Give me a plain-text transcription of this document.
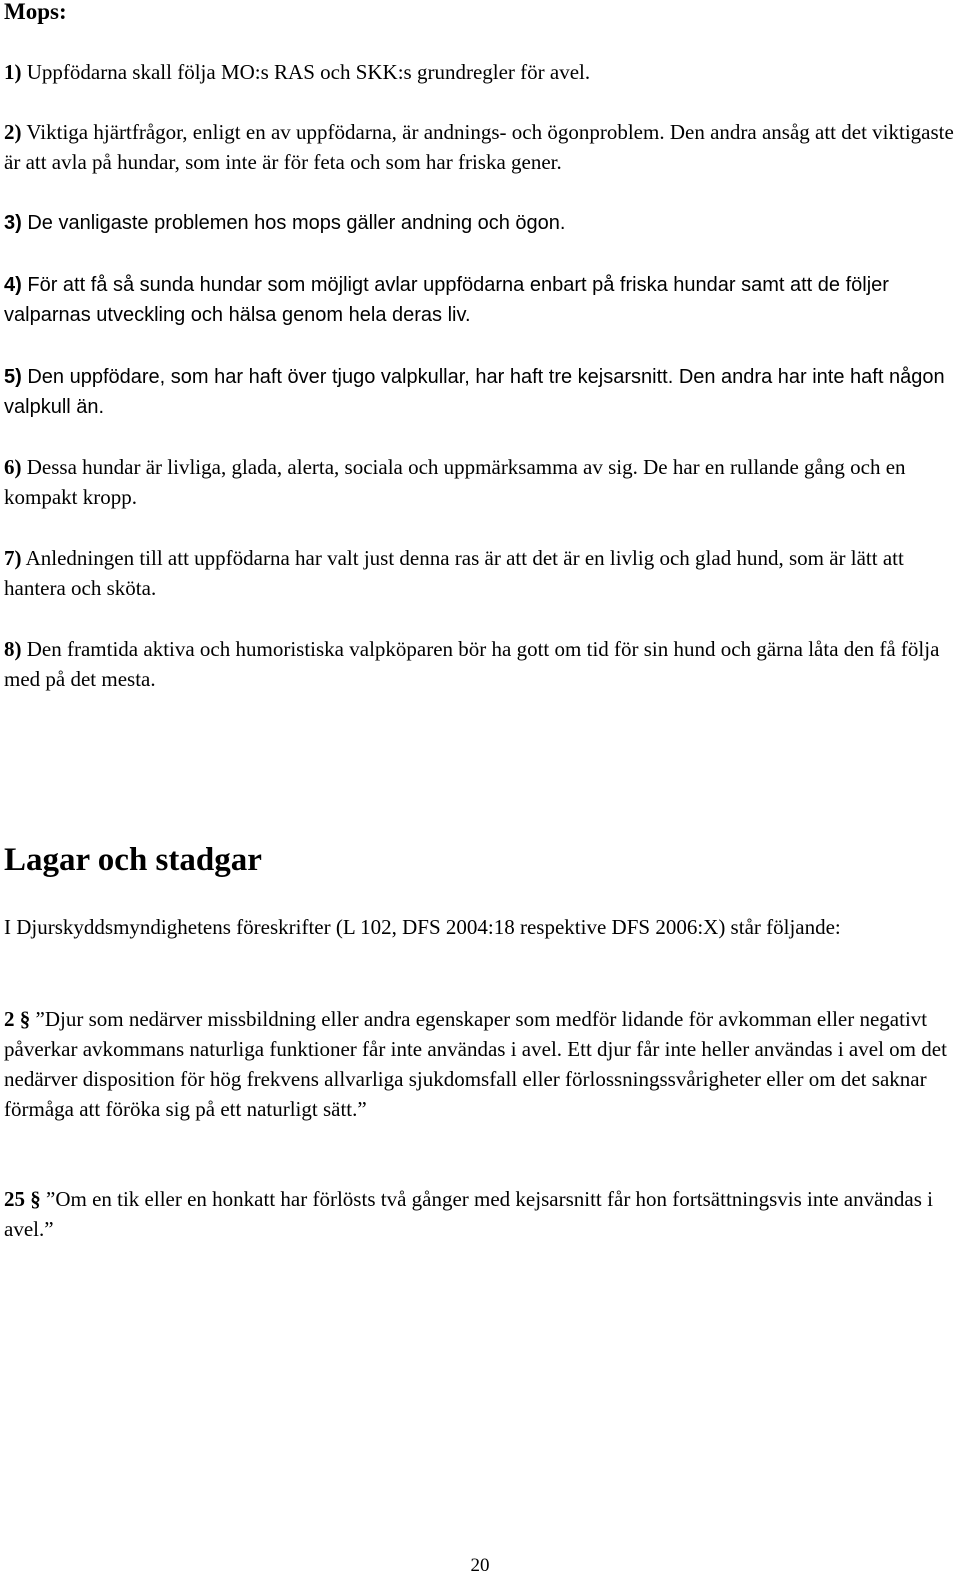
Mops:

1) Uppfödarna skall följa MO:s RAS och SKK:s grundregler för avel.

2) Viktiga hjärtfrågor, enligt en av uppfödarna, är andnings- och ögonproblem. Den andra ansåg att det viktigaste är att avla på hundar, som inte är för feta och som har friska gener.

3) De vanligaste problemen hos mops gäller andning och ögon.

4) För att få så sunda hundar som möjligt avlar uppfödarna enbart på friska hundar samt att de följer valparnas utveckling och hälsa genom hela deras liv.

5) Den uppfödare, som har haft över tjugo valpkullar, har haft tre kejsarsnitt. Den andra har inte haft någon valpkull än.

6) Dessa hundar är livliga, glada, alerta, sociala och uppmärksamma av sig. De har en rullande gång och en kompakt kropp.

7) Anledningen till att uppfödarna har valt just denna ras är att det är en livlig och glad hund, som är lätt att hantera och sköta.

8) Den framtida aktiva och humoristiska valpköparen bör ha gott om tid för sin hund och gärna låta den få följa med på det mesta.

Lagar och stadgar

I Djurskyddsmyndighetens föreskrifter (L 102, DFS 2004:18 respektive DFS 2006:X) står följande:

2 § ”Djur som nedärver missbildning eller andra egenskaper som medför lidande för avkomman eller negativt påverkar avkommans naturliga funktioner får inte användas i avel. Ett djur får inte heller användas i avel om det nedärver disposition för hög frekvens allvarliga sjukdomsfall eller förlossningssvårigheter eller om det saknar förmåga att föröka sig på ett naturligt sätt.”

25 § ”Om en tik eller en honkatt har förlösts två gånger med kejsarsnitt får hon fortsättningsvis inte användas i avel.”

20
